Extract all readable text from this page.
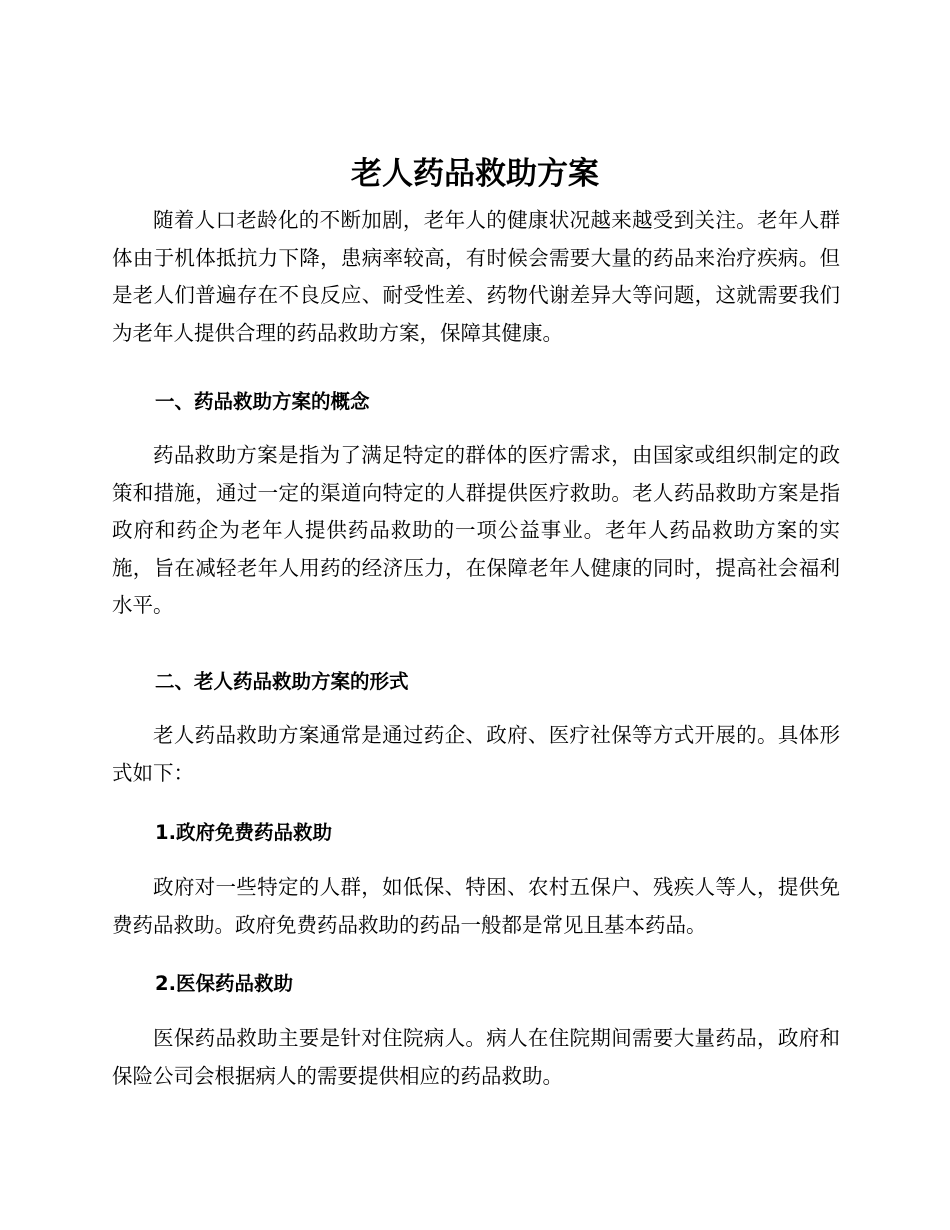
老人药品救助方案

随着人口老龄化的不断加剧，老年人的健康状况越来越受到关注。老年人群体由于机体抵抗力下降，患病率较高，有时候会需要大量的药品来治疗疾病。但是老人们普遍存在不良反应、耐受性差、药物代谢差异大等问题，这就需要我们为老年人提供合理的药品救助方案，保障其健康。

一、药品救助方案的概念

药品救助方案是指为了满足特定的群体的医疗需求，由国家或组织制定的政策和措施，通过一定的渠道向特定的人群提供医疗救助。老人药品救助方案是指政府和药企为老年人提供药品救助的一项公益事业。老年人药品救助方案的实施，旨在减轻老年人用药的经济压力，在保障老年人健康的同时，提高社会福利水平。

二、老人药品救助方案的形式

老人药品救助方案通常是通过药企、政府、医疗社保等方式开展的。具体形式如下：

1.政府免费药品救助

政府对一些特定的人群，如低保、特困、农村五保户、残疾人等人，提供免费药品救助。政府免费药品救助的药品一般都是常见且基本药品。

2.医保药品救助

医保药品救助主要是针对住院病人。病人在住院期间需要大量药品，政府和保险公司会根据病人的需要提供相应的药品救助。
